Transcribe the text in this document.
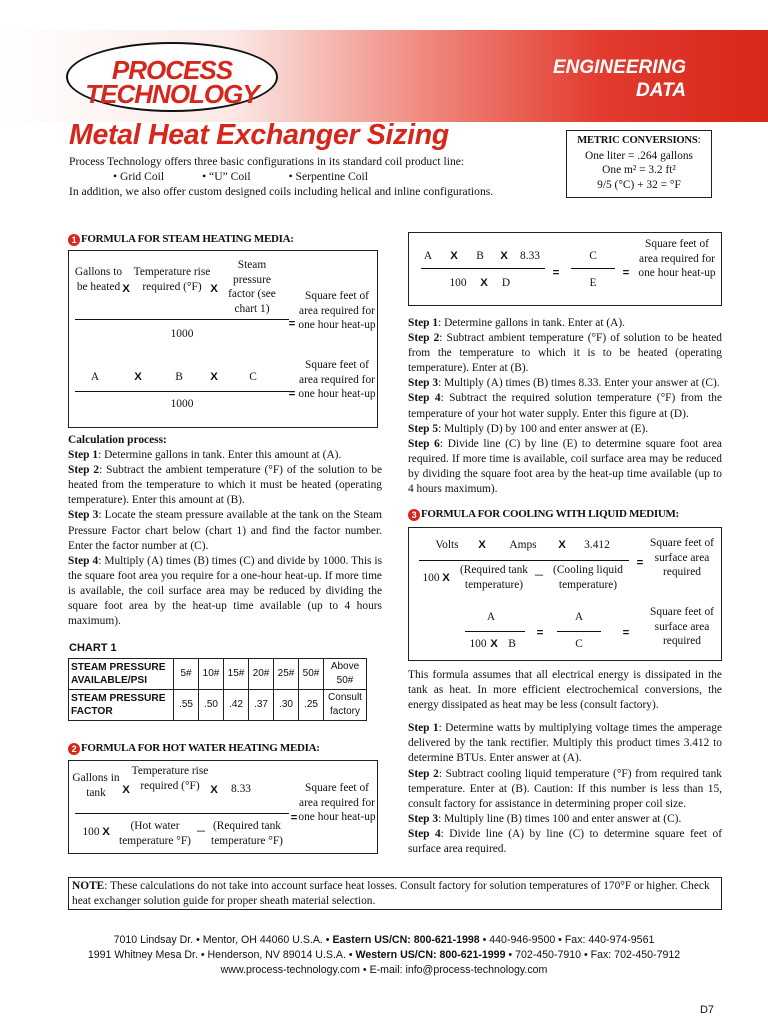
PROCESS
TECHNOLOGY
ENGINEERING
DATA
Metal Heat Exchanger Sizing	METRIC CONVERSIONS:
One liter = .264 gallons
One m² = 3.2 ft²
9/5 (°C) + 32 = °F
Process Technology offers three basic configurations in its standard coil product line:
• Grid Coil	• “U” Coil	• Serpentine Coil
In addition, we also offer custom designed coils including helical and inline configurations.
1 FORMULA FOR STEAM HEATING MEDIA:
Gallons to be heated X
Temperature rise required (°F) X
Steam pressure factor (see chart 1)
1000
=
Square feet of area required for one hour heat-up
A	X	B	X	C
1000
=
Square feet of area required for one hour heat-up
Calculation process:
Step 1: Determine gallons in tank. Enter this amount at (A).
Step 2: Subtract the ambient temperature (°F) of the solution to be heated from the temperature to which it must be heated (operating temperature). Enter this amount at (B).
Step 3: Locate the steam pressure available at the tank on the Steam Pressure Factor chart below (chart 1) and find the factor number. Enter the factor number at (C).
Step 4: Multiply (A) times (B) times (C) and divide by 1000. This is the square foot area you require for a one-hour heat-up. If more time is available, the coil surface area may be reduced by dividing the square foot area by the heat-up time available (up to 4 hours maximum).
CHART 1
STEAM PRESSURE AVAILABLE/PSI	5#	10#	15#	20#	25#	50#	Above 50#
STEAM PRESSURE FACTOR	.55	.50	.42	.37	.30	.25	Consult factory
2 FORMULA FOR HOT WATER HEATING MEDIA:
Gallons in tank	X
Temperature rise required (°F) X	8.33
100 X	(Hot water temperature °F)
– (Required tank temperature °F)
=
Square feet of area required for one hour heat-up
A	X	B	X	8.33
100	X	D
=
C
E
=
Square feet of area required for one hour heat-up
Step 1: Determine gallons in tank. Enter at (A).
Step 2: Subtract ambient temperature (°F) of solution to be heated from the temperature to which it is to be heated (operating temperature). Enter at (B).
Step 3: Multiply (A) times (B) times 8.33. Enter your answer at (C).
Step 4: Subtract the required solution temperature (°F) from the temperature of your hot water supply. Enter this figure at (D).
Step 5: Multiply (D) by 100 and enter answer at (E).
Step 6: Divide line (C) by line (E) to determine square foot area required. If more time is available, coil surface area may be reduced by dividing the square foot area by the heat-up time available (up to 4 hours maximum).
3 FORMULA FOR COOLING WITH LIQUID MEDIUM:
Volts	X	Amps	X	3.412
100 X
(Required tank temperature)
– (Cooling liquid temperature)
=
Square feet of surface area required
A
100 X B
=
A
C
=
Square feet of surface area required
This formula assumes that all electrical energy is dissipated in the tank as heat. In more efficient electrochemical conversions, the energy dissipated as heat may be less (consult factory).
Step 1: Determine watts by multiplying voltage times the amperage delivered by the tank rectifier. Multiply this product times 3.412 to determine BTUs. Enter answer at (A).
Step 2: Subtract cooling liquid temperature (°F) from required tank temperature. Enter at (B). Caution: If this number is less than 15, consult factory for assistance in determining proper coil size.
Step 3: Multiply line (B) times 100 and enter answer at (C).
Step 4: Divide line (A) by line (C) to determine square feet of surface area required.
NOTE: These calculations do not take into account surface heat losses. Consult factory for solution temperatures of 170°F or higher. Check heat exchanger solution guide for proper sheath material selection.
7010 Lindsay Dr. • Mentor, OH 44060 U.S.A. • Eastern US/CN: 800-621-1998 • 440-946-9500 • Fax: 440-974-9561
1991 Whitney Mesa Dr. • Henderson, NV 89014 U.S.A. • Western US/CN: 800-621-1999 • 702-450-7910 • Fax: 702-450-7912
www.process-technology.com • E-mail: info@process-technology.com
D7
